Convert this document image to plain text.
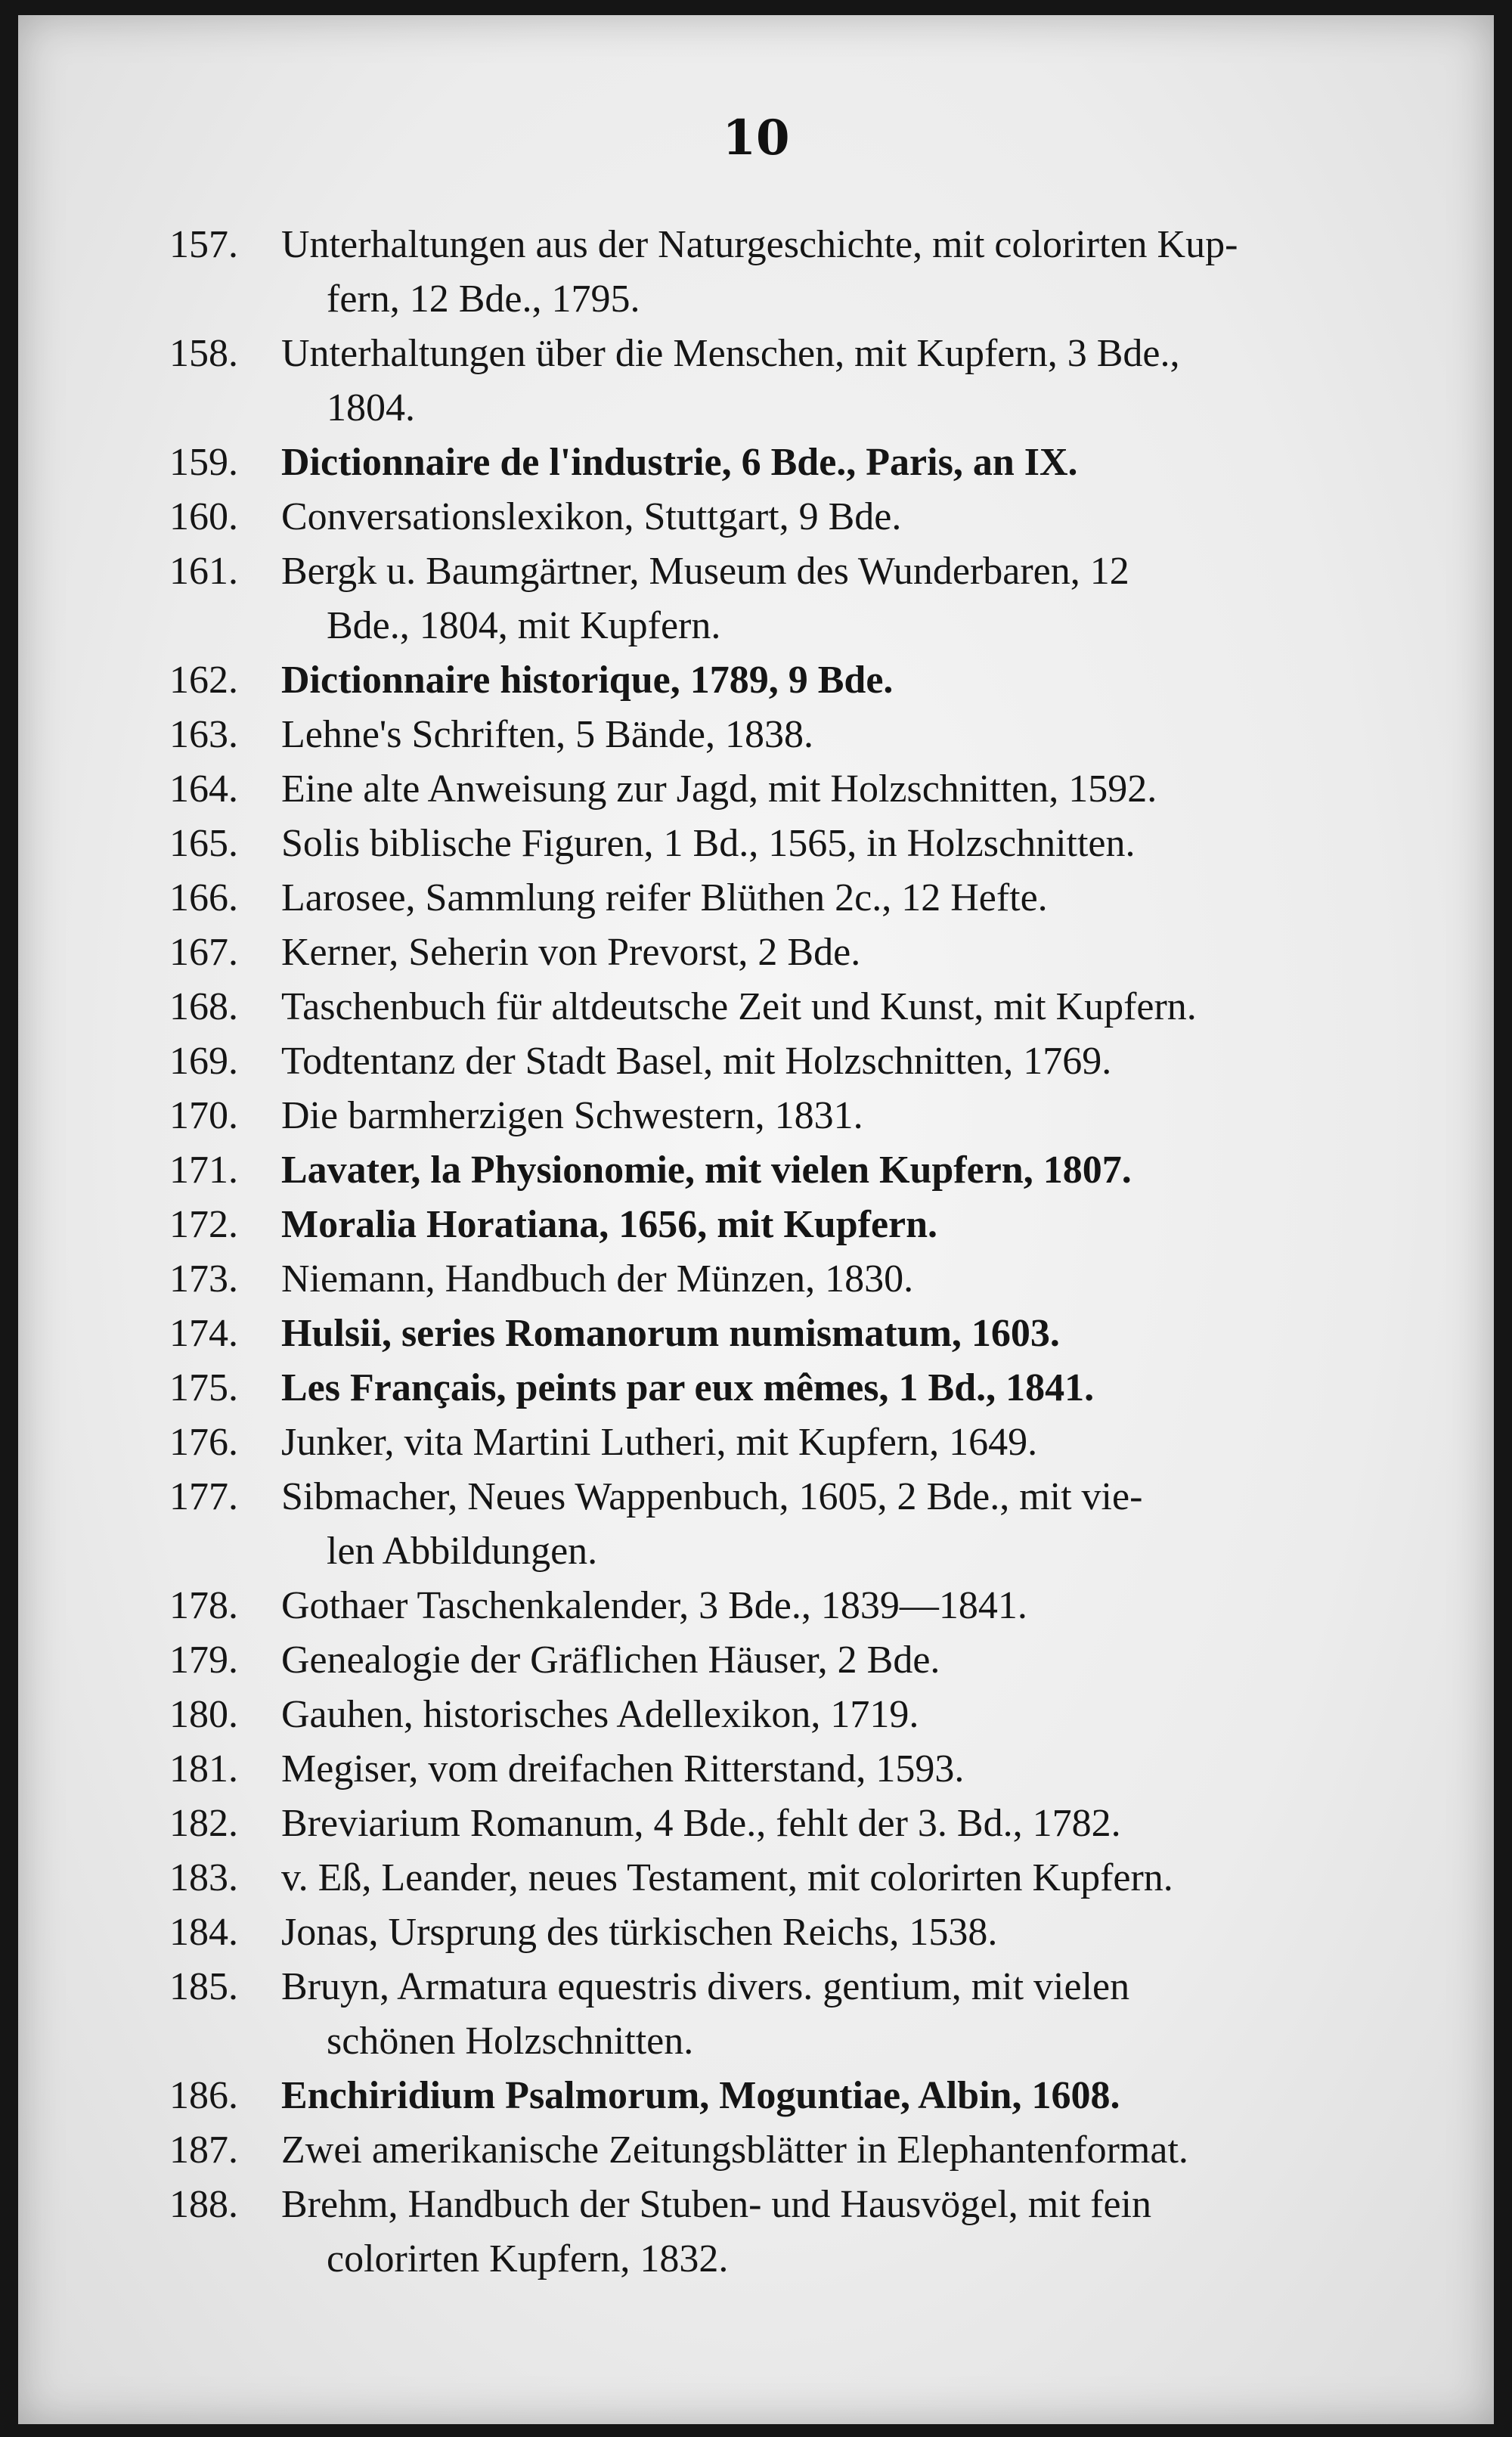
10
157.	Unterhaltungen aus der Naturgeschichte, mit colorirten Kup-
fern, 12 Bde., 1795.
158.	Unterhaltungen über die Menschen, mit Kupfern, 3 Bde.,
1804.
159.	Dictionnaire de l'industrie, 6 Bde., Paris, an IX.
160.	Conversationslexikon, Stuttgart, 9 Bde.
161.	Bergk u. Baumgärtner, Museum des Wunderbaren, 12
Bde., 1804, mit Kupfern.
162.	Dictionnaire historique, 1789, 9 Bde.
163.	Lehne's Schriften, 5 Bände, 1838.
164.	Eine alte Anweisung zur Jagd, mit Holzschnitten, 1592.
165.	Solis biblische Figuren, 1 Bd., 1565, in Holzschnitten.
166.	Larosee, Sammlung reifer Blüthen 2c., 12 Hefte.
167.	Kerner, Seherin von Prevorst, 2 Bde.
168.	Taschenbuch für altdeutsche Zeit und Kunst, mit Kupfern.
169.	Todtentanz der Stadt Basel, mit Holzschnitten, 1769.
170.	Die barmherzigen Schwestern, 1831.
171.	Lavater, la Physionomie, mit vielen Kupfern, 1807.
172.	Moralia Horatiana, 1656, mit Kupfern.
173.	Niemann, Handbuch der Münzen, 1830.
174.	Hulsii, series Romanorum numismatum, 1603.
175.	Les Français, peints par eux mêmes, 1 Bd., 1841.
176.	Junker, vita Martini Lutheri, mit Kupfern, 1649.
177.	Sibmacher, Neues Wappenbuch, 1605, 2 Bde., mit vie-
len Abbildungen.
178.	Gothaer Taschenkalender, 3 Bde., 1839—1841.
179.	Genealogie der Gräflichen Häuser, 2 Bde.
180.	Gauhen, historisches Adellexikon, 1719.
181.	Megiser, vom dreifachen Ritterstand, 1593.
182.	Breviarium Romanum, 4 Bde., fehlt der 3. Bd., 1782.
183.	v. Eß, Leander, neues Testament, mit colorirten Kupfern.
184.	Jonas, Ursprung des türkischen Reichs, 1538.
185.	Bruyn, Armatura equestris divers. gentium, mit vielen
schönen Holzschnitten.
186.	Enchiridium Psalmorum, Moguntiae, Albin, 1608.
187.	Zwei amerikanische Zeitungsblätter in Elephantenformat.
188.	Brehm, Handbuch der Stuben- und Hausvögel, mit fein
colorirten Kupfern, 1832.
